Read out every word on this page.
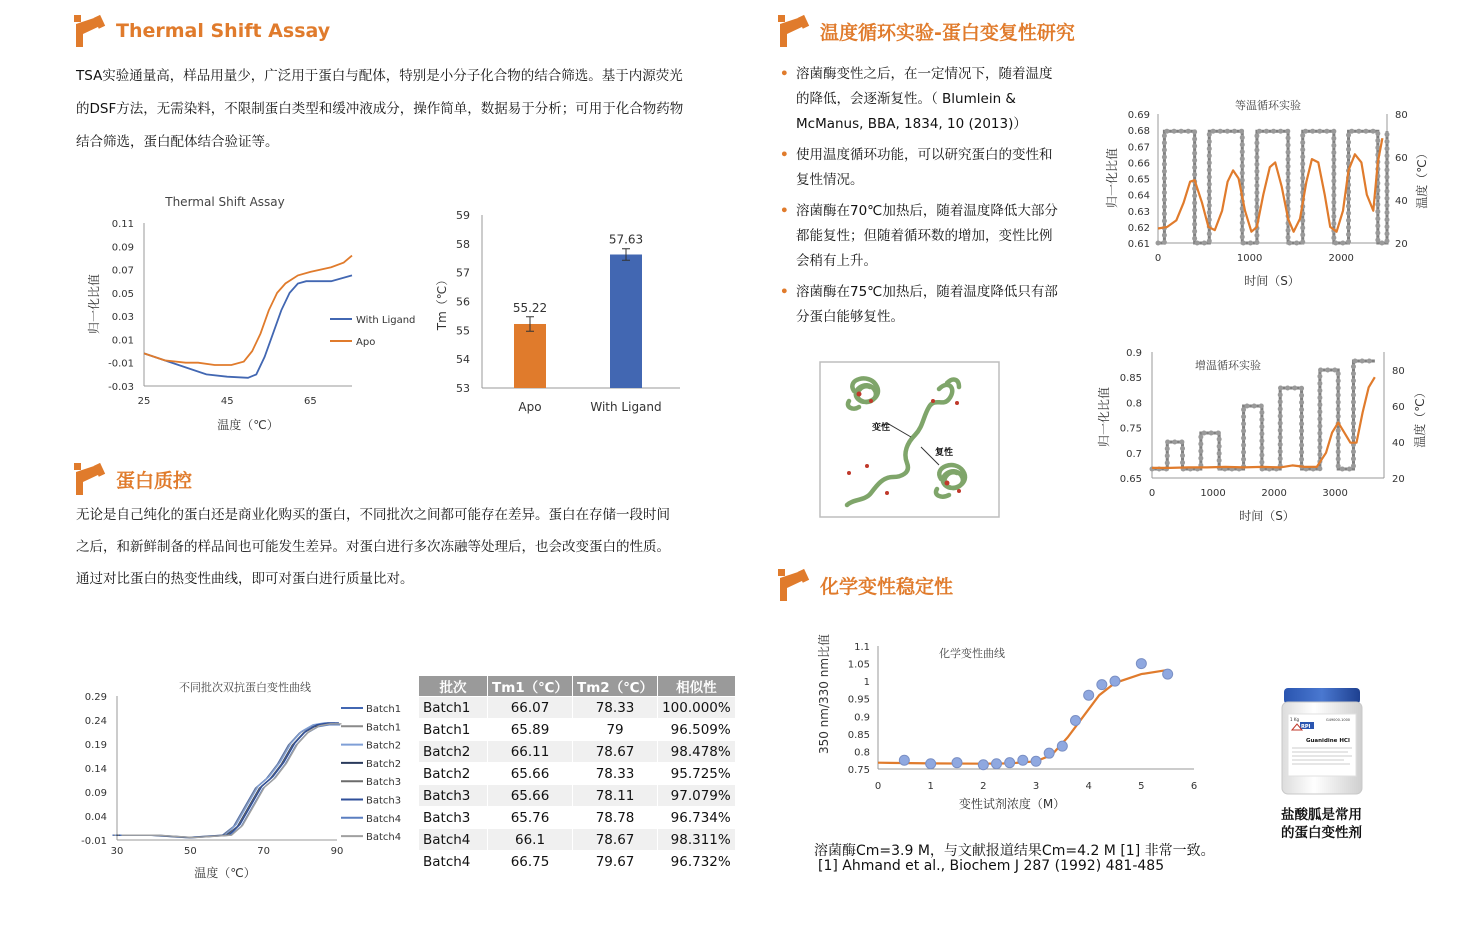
Thermal Shift Assay
蛋白质控
温度循环实验-蛋白变复性研究
化学变性稳定性
TSA实验通量高，样品用量少，广泛用于蛋白与配体，特别是小分子化合物的结合筛选。基于内源荧光
的DSF方法，无需染料，不限制蛋白类型和缓冲液成分，操作简单，数据易于分析；可用于化合物药物
结合筛选，蛋白配体结合验证等。
无论是自己纯化的蛋白还是商业化购买的蛋白，不同批次之间都可能存在差异。蛋白在存储一段时间
之后，和新鲜制备的样品间也可能发生差异。对蛋白进行多次冻融等处理后，也会改变蛋白的性质。
通过对比蛋白的热变性曲线，即可对蛋白进行质量比对。
• 溶菌酶变性之后，在一定情况下，随着温度
的降低，会逐渐复性。（ Blumlein &
McManus, BBA, 1834, 10 (2013)）
• 使用温度循环功能，可以研究蛋白的变性和
复性情况。
• 溶菌酶在70℃加热后，随着温度降低大部分
都能复性；但随着循环数的增加，变性比例
会稍有上升。
• 溶菌酶在75℃加热后，随着温度降低只有部
分蛋白能够复性。
Thermal Shift Assay
0.11
0.09
0.07
0.05
0.03
0.01
-0.01
-0.03
25	45	65
温度（℃）
归一化比值	With Ligand
Apo
59
58
57
56
55
54
53
Tm（℃）	55.22
Apo
57.63
With Ligand
不同批次双抗蛋白变性曲线
0.29
0.24
0.19
0.14
0.09
0.04
-0.01
30	50	70	90
温度（℃）
Batch1
Batch1
Batch2
Batch2
Batch3
Batch3
Batch4
Batch4
等温循环实验
0.69
0.68
0.67
0.66
0.65
0.64
0.63
0.62
0.61
80
60
40
20
0	1000	2000
时间（S）
归一化比值	温度（℃）
增温循环实验
0.9
0.85
0.8
0.75
0.7
0.65
80
60
40
20
0	1000	2000	3000
时间（S）
归一化比值	温度（℃）
化学变性曲线
1.1
1.05
1
0.95
0.9
0.85
0.8
0.75
0	1	2	3	4	5	6
变性试剂浓度（M）
350 nm/330 nm比值
变性
复性
RPI
1 Kg	G49000-1000
Guanidine HCl
盐酸胍是常用
的蛋白变性剂
溶菌酶Cm=3.9 M，与文献报道结果Cm=4.2 M [1] 非常一致。
[1] Ahmand et al., Biochem J 287 (1992) 481-485
批次	Tm1（℃）	Tm2（℃）	相似性
Batch1	66.07	78.33	100.000%
Batch1	65.89	79	96.509%
Batch2	66.11	78.67	98.478%
Batch2	65.66	78.33	95.725%
Batch3	65.66	78.11	97.079%
Batch3	65.76	78.78	96.734%
Batch4	66.1	78.67	98.311%
Batch4	66.75	79.67	96.732%
